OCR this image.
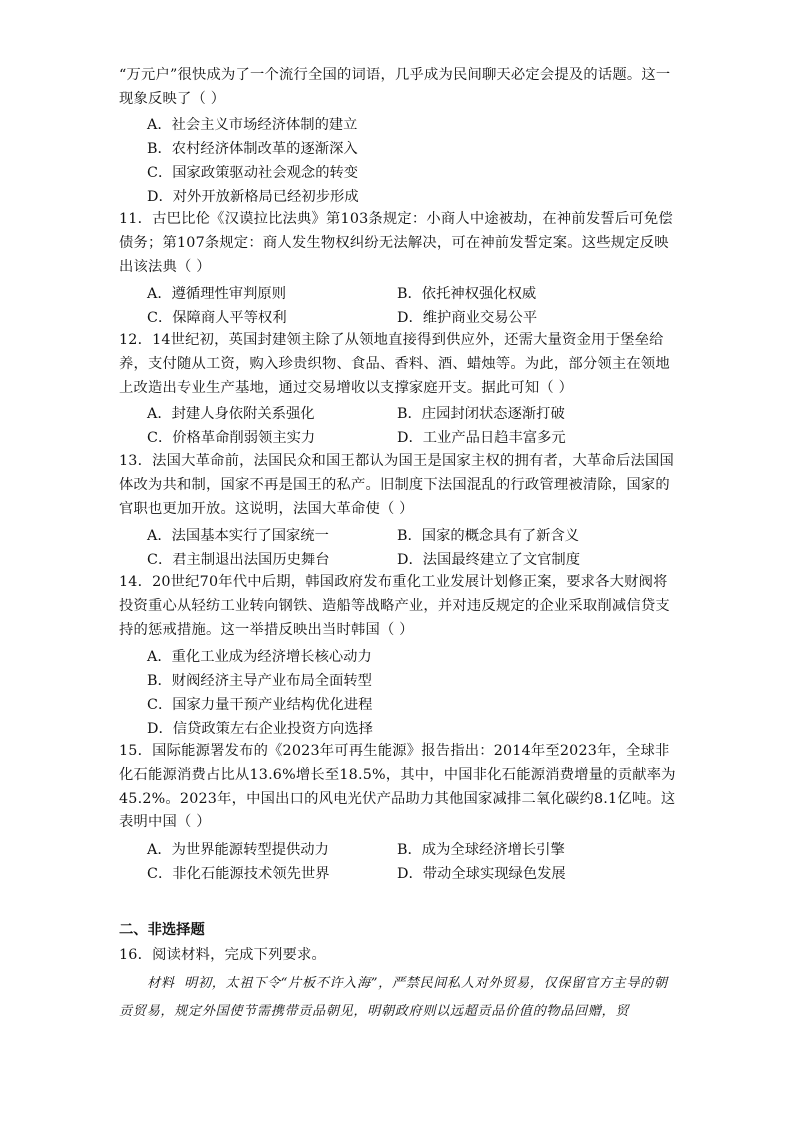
“万元户”很快成为了一个流行全国的词语，几乎成为民间聊天必定会提及的话题。这一现象反映了（ ）
A．社会主义市场经济体制的建立
B．农村经济体制改革的逐渐深入
C．国家政策驱动社会观念的转变
D．对外开放新格局已经初步形成
11．古巴比伦《汉谟拉比法典》第103条规定：小商人中途被劫，在神前发誓后可免偿债务；第107条规定：商人发生物权纠纷无法解决，可在神前发誓定案。这些规定反映出该法典（ ）
A．遵循理性审判原则	B．依托神权强化权威
C．保障商人平等权利	D．维护商业交易公平
12．14世纪初，英国封建领主除了从领地直接得到供应外，还需大量资金用于堡垒给养，支付随从工资，购入珍贵织物、食品、香料、酒、蜡烛等。为此，部分领主在领地上改造出专业生产基地，通过交易增收以支撑家庭开支。据此可知（ ）
A．封建人身依附关系强化	B．庄园封闭状态逐渐打破
C．价格革命削弱领主实力	D．工业产品日趋丰富多元
13．法国大革命前，法国民众和国王都认为国王是国家主权的拥有者，大革命后法国国体改为共和制，国家不再是国王的私产。旧制度下法国混乱的行政管理被清除，国家的官职也更加开放。这说明，法国大革命使（ ）
A．法国基本实行了国家统一	B．国家的概念具有了新含义
C．君主制退出法国历史舞台	D．法国最终建立了文官制度
14．20世纪70年代中后期，韩国政府发布重化工业发展计划修正案，要求各大财阀将投资重心从轻纺工业转向钢铁、造船等战略产业，并对违反规定的企业采取削减信贷支持的惩戒措施。这一举措反映出当时韩国（ ）
A．重化工业成为经济增长核心动力
B．财阀经济主导产业布局全面转型
C．国家力量干预产业结构优化进程
D．信贷政策左右企业投资方向选择
15．国际能源署发布的《2023年可再生能源》报告指出：2014年至2023年，全球非化石能源消费占比从13.6%增长至18.5%，其中，中国非化石能源消费增量的贡献率为45.2%。2023年，中国出口的风电光伏产品助力其他国家减排二氧化碳约8.1亿吨。这表明中国（ ）
A．为世界能源转型提供动力	B．成为全球经济增长引擎
C．非化石能源技术领先世界	D．带动全球实现绿色发展
二、非选择题
16．阅读材料，完成下列要求。
材料 明初，太祖下令“片板不许入海”，严禁民间私人对外贸易，仅保留官方主导的朝贡贸易，规定外国使节需携带贡品朝见，明朝政府则以远超贡品价值的物品回赠，贸
